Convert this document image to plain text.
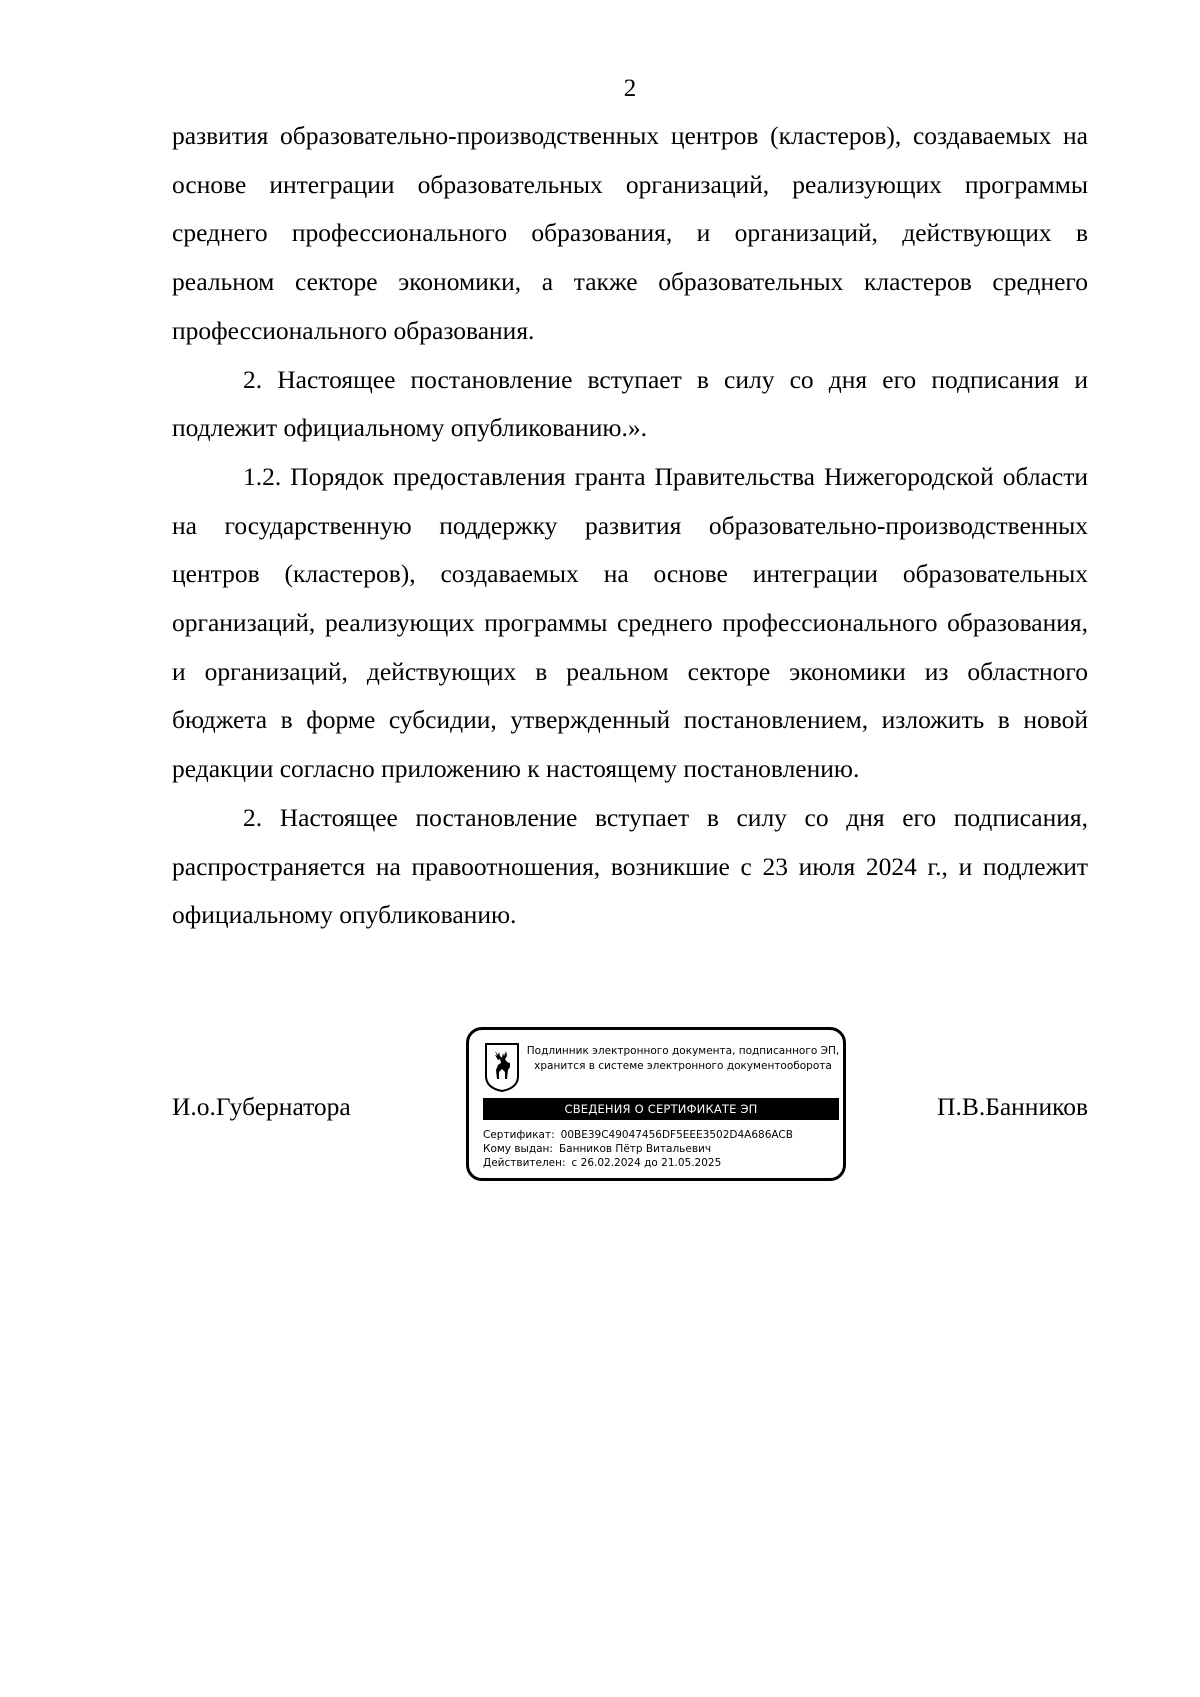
2

развития образовательно-производственных центров (кластеров), создаваемых на основе интеграции образовательных организаций, реализующих программы среднего профессионального образования, и организаций, действующих в реальном секторе экономики, а также образовательных кластеров среднего профессионального образования.

2. Настоящее постановление вступает в силу со дня его подписания и подлежит официальному опубликованию.».

1.2. Порядок предоставления гранта Правительства Нижегородской области на государственную поддержку развития образовательно-производственных центров (кластеров), создаваемых на основе интеграции образовательных организаций, реализующих программы среднего профессионального образования, и организаций, действующих в реальном секторе экономики из областного бюджета в форме субсидии, утвержденный постановлением, изложить в новой редакции согласно приложению к настоящему постановлению.

2. Настоящее постановление вступает в силу со дня его подписания, распространяется на правоотношения, возникшие с 23 июля 2024 г., и подлежит официальному опубликованию.

И.о.Губернатора	П.В.Банников
Подлинник электронного документа, подписанного ЭП,
хранится в системе электронного документооборота
СВЕДЕНИЯ О СЕРТИФИКАТЕ ЭП
Сертификат: 00BE39C49047456DF5EEE3502D4A686ACB
Кому выдан: Банников Пётр Витальевич
Действителен: с 26.02.2024 до 21.05.2025
